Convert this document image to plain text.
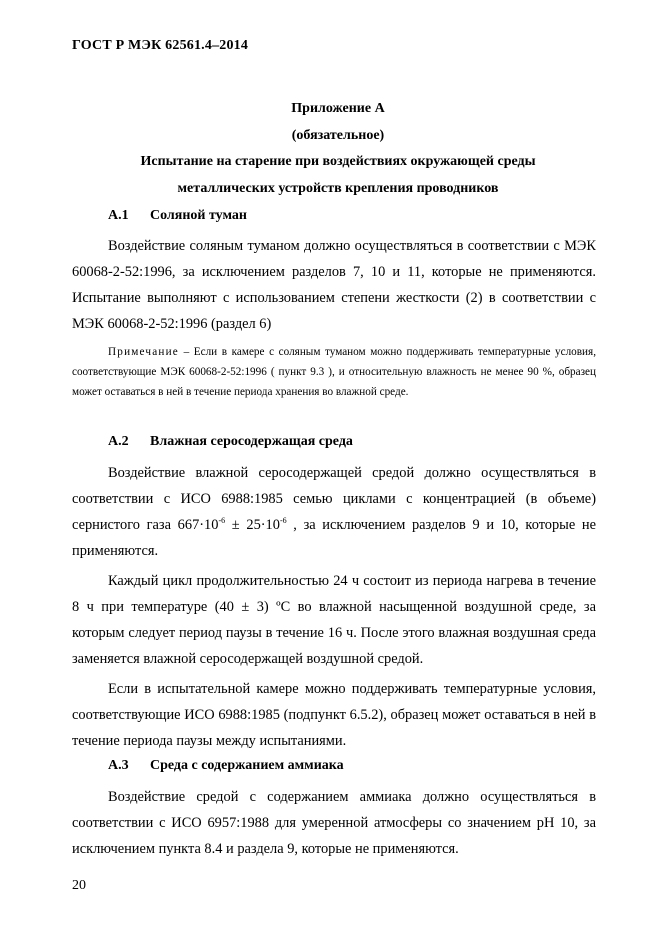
ГОСТ Р МЭК 62561.4–2014
Приложение А
(обязательное)
Испытание на старение при воздействиях окружающей среды
металлических устройств крепления проводников
А.1 Соляной туман

Воздействие соляным туманом должно осуществляться в соответствии с МЭК 60068-2-52:1996, за исключением разделов 7, 10 и 11, которые не применяются. Испытание выполняют с использованием степени жесткости (2) в соответствии с МЭК 60068-2-52:1996 (раздел 6)

Примечание – Если в камере с соляным туманом можно поддерживать температурные условия, соответствующие МЭК 60068-2-52:1996 ( пункт 9.3 ), и относительную влажность не менее 90 %, образец может оставаться в ней в течение периода хранения во влажной среде.

А.2 Влажная серосодержащая среда

Воздействие влажной серосодержащей средой должно осуществляться в соответствии с ИСО 6988:1985 семью циклами с концентрацией (в объеме) сернистого газа $667\cdot 10^{-6} \pm 25\cdot 10^{-6}$ , за исключением разделов 9 и 10, которые не применяются.

Каждый цикл продолжительностью 24 ч состоит из периода нагрева в течение 8 ч при температуре (40 ± 3) ºС во влажной насыщенной воздушной среде, за которым следует период паузы в течение 16 ч. После этого влажная воздушная среда заменяется влажной серосодержащей воздушной средой.

Если в испытательной камере можно поддерживать температурные условия, соответствующие ИСО 6988:1985 (подпункт 6.5.2), образец может оставаться в ней в течение периода паузы между испытаниями.

А.3 Среда с содержанием аммиака

Воздействие средой с содержанием аммиака должно осуществляться в соответствии с ИСО 6957:1988 для умеренной атмосферы со значением pH 10, за исключением пункта 8.4 и раздела 9, которые не применяются.

20
